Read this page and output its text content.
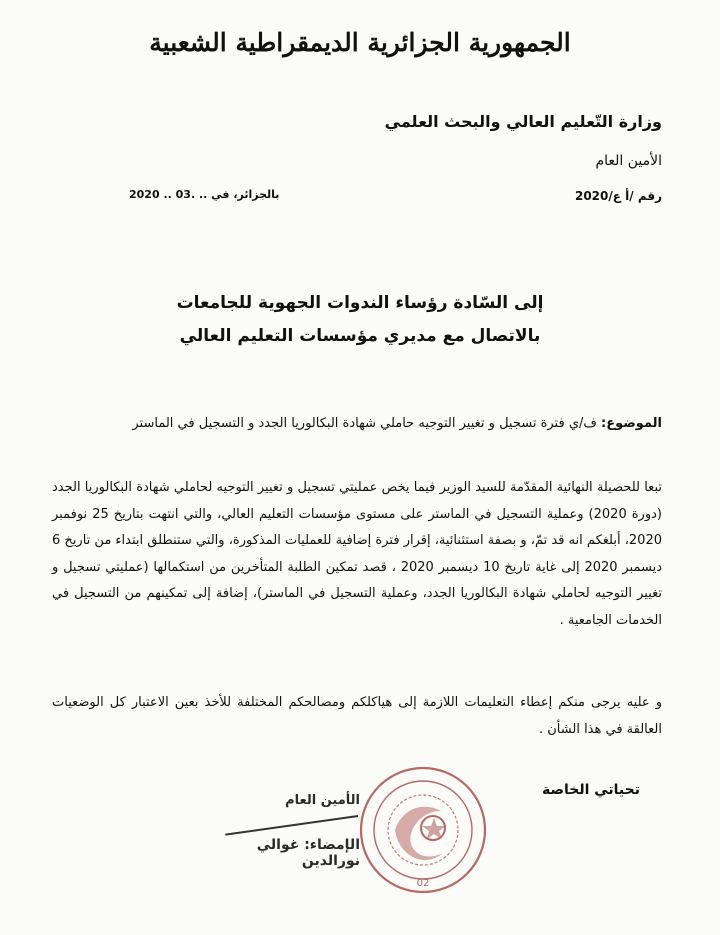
الجمهورية الجزائرية الديمقراطية الشعبية
وزارة التّعليم العالي والبحث العلمي
الأمين العام
رقم /أ ع/2020
بالجزائر، في .. .03 .. 2020
إلى السّادة رؤساء الندوات الجهوية للجامعات
بالاتصال مع مديري مؤسسات التعليم العالي
الموضوع: ف/ي فترة تسجيل و تغيير التوجيه حاملي شهادة البكالوريا الجدد و التسجيل في الماستر
تبعا للحصيلة النهائية المقدّمة للسيد الوزير فيما يخص عمليتي تسجيل و تغيير التوجيه لحاملي شهادة البكالوريا الجدد (دورة 2020) وعملية التسجيل في الماستر على مستوى مؤسسات التعليم العالي، والتي انتهت بتاريخ 25 نوفمبر 2020، أبلغكم انه قد تمّ، و بصفة استثنائية، إقرار فترة إضافية للعمليات المذكورة، والتي ستنطلق ابتداء من تاريخ 6 ديسمبر 2020 إلى غاية تاريخ 10 ديسمبر 2020 ، قصد تمكين الطلبة المتأخرين من استكمالها (عمليتي تسجيل و تغيير التوجيه لحاملي شهادة البكالوريا الجدد، وعملية التسجيل في الماستر)، إضافة إلى تمكينهم من التسجيل في الخدمات الجامعية .
و عليه يرجى منكم إعطاء التعليمات اللازمة إلى هياكلكم ومصالحكم المختلفة للأخذ بعين الاعتبار كل الوضعيات العالقة في هذا الشأن .
تحياتي الخاصة
02
الأمين العام
الإمضاء: غوالي نورالدين
